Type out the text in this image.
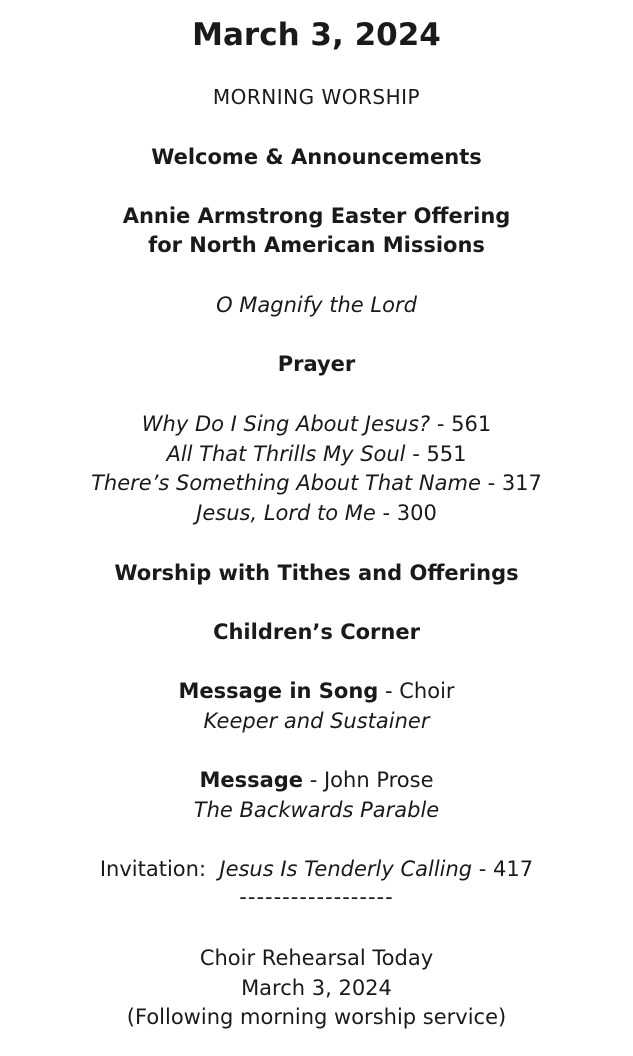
March 3, 2024
MORNING WORSHIP
Welcome & Announcements
Annie Armstrong Easter Offering
for North American Missions
O Magnify the Lord
Prayer
Why Do I Sing About Jesus? - 561
All That Thrills My Soul - 551
There’s Something About That Name - 317
Jesus, Lord to Me - 300
Worship with Tithes and Offerings
Children’s Corner
Message in Song - Choir
Keeper and Sustainer
Message - John Prose
The Backwards Parable
Invitation:  Jesus Is Tenderly Calling - 417
------------------
Choir Rehearsal Today
March 3, 2024
(Following morning worship service)
